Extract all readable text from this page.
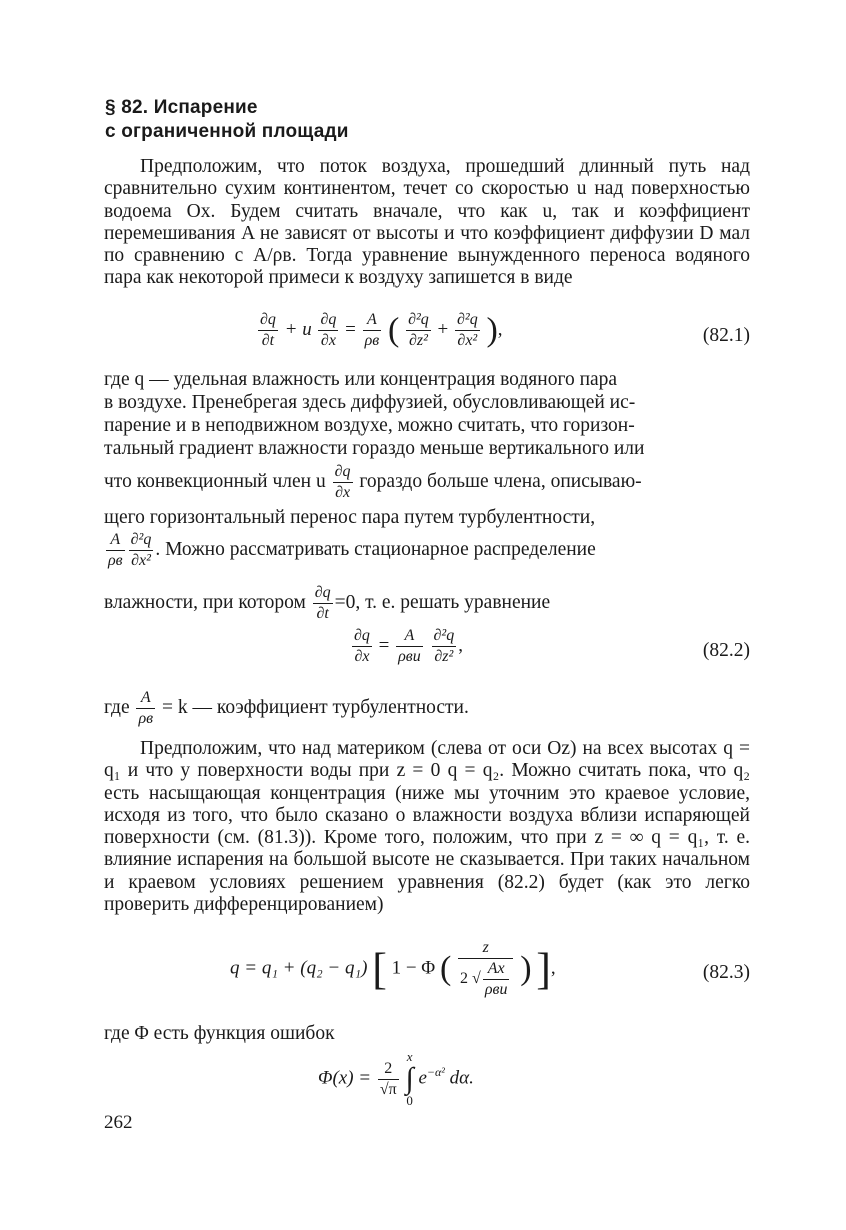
§ 82. Испарение
с ограниченной площади
Предположим, что поток воздуха, прошедший длинный путь над сравнительно сухим континентом, течет со скоростью u над поверхностью водоема Ox. Будем считать вначале, что как u, так и коэффициент перемешивания A не зависят от высоты и что коэффициент диффузии D мал по сравнению с A/ρв. Тогда уравнение вынужденного переноса водяного пара как некоторой примеси к воздуху запишется в виде
$\frac{\partial q}{\partial t} + u \frac{\partial q}{\partial x} = \frac{A}{\rho в}$ ( $\frac{\text{∂²q}}{\text{∂z²}} + \frac{\text{∂²q}}{\text{∂x²}}$ ),	(82.1)
где q — удельная влажность или концентрация водяного пара
в воздухе. Пренебрегая здесь диффузией, обусловливающей ис-
парение и в неподвижном воздухе, можно считать, что горизон-
тальный градиент влажности гораздо меньше вертикального или
что конвекционный член u $\frac{\partial q}{\partial x}$ гораздо больше члена, описываю-
щего горизонтальный перенос пара путем турбулентности,
$\frac{A}{\rho в} \frac{\text{∂²q}}{\text{∂x²}}$ . Можно рассматривать стационарное распределение
влажности, при котором $\frac{\partial q}{\partial t} =0$, т. е. решать уравнение
$\frac{\partial q}{\partial x} = \frac{A}{\text{ρвu}}$
$\frac{\text{∂²q}}{\text{∂z²}}$ ,	(82.2)
где $\frac{A}{\rho в} = k$ — коэффициент турбулентности.
Предположим, что над материком (слева от оси Oz) на всех высотах q = q₁ и что у поверхности воды при z = 0 q = q₂. Можно считать пока, что q₂ есть насыщающая концентрация (ниже мы уточним это краевое условие, исходя из того, что было сказано о влажности воздуха вблизи испаряющей поверхности (см. (81.3)). Кроме того, положим, что при z = ∞ q = q₁, т. е. влияние испарения на большой высоте не сказывается. При таких начальном и краевом условиях решением уравнения (82.2) будет (как это легко проверить дифференцированием)
q = q₁ + (q₂ − q₁) [ 1 − Φ ( $\frac{z}{2 √ \frac{Ax}{\text{ρвu}}}$ ) ],	(82.3)
где Φ есть функция ошибок
$\Phi(x) = \frac{2}{√\pi}$

x
∫
0
$e^{-\alpha^2}$ dα.
262
